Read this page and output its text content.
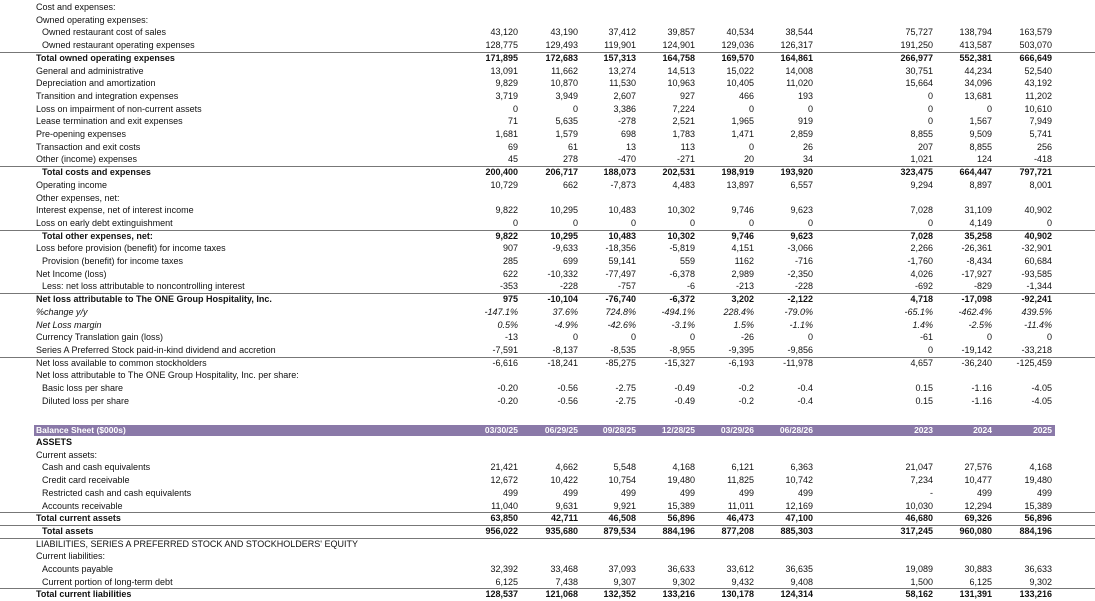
Cost and expenses:
Owned operating expenses:
Owned restaurant cost of sales	43,120	43,190	37,412	39,857	40,534	38,544	75,727	138,794	163,579
Owned restaurant operating expenses	128,775	129,493	119,901	124,901	129,036	126,317	191,250	413,587	503,070
Total owned operating expenses	171,895	172,683	157,313	164,758	169,570	164,861	266,977	552,381	666,649
General and administrative	13,091	11,662	13,274	14,513	15,022	14,008	30,751	44,234	52,540
Depreciation and amortization	9,829	10,870	11,530	10,963	10,405	11,020	15,664	34,096	43,192
Transition and integration expenses	3,719	3,949	2,607	927	466	193	0	13,681	11,202
Loss on impairment of non-current assets	0	0	3,386	7,224	0	0	0	0	10,610
Lease termination and exit expenses	71	5,635	-278	2,521	1,965	919	0	1,567	7,949
Pre-opening expenses	1,681	1,579	698	1,783	1,471	2,859	8,855	9,509	5,741
Transaction and exit costs	69	61	13	113	0	26	207	8,855	256
Other (income) expenses	45	278	-470	-271	20	34	1,021	124	-418
Total costs and expenses	200,400	206,717	188,073	202,531	198,919	193,920	323,475	664,447	797,721
Operating income	10,729	662	-7,873	4,483	13,897	6,557	9,294	8,897	8,001
Other expenses, net:
Interest expense, net of interest income	9,822	10,295	10,483	10,302	9,746	9,623	7,028	31,109	40,902
Loss on early debt extinguishment	0	0	0	0	0	0	0	4,149	0
Total other expenses, net:	9,822	10,295	10,483	10,302	9,746	9,623	7,028	35,258	40,902
Loss before provision (benefit) for income taxes	907	-9,633	-18,356	-5,819	4,151	-3,066	2,266	-26,361	-32,901
Provision (benefit) for income taxes	285	699	59,141	559	1162	-716	-1,760	-8,434	60,684
Net Income (loss)	622	-10,332	-77,497	-6,378	2,989	-2,350	4,026	-17,927	-93,585
Less: net loss attributable to noncontrolling interest	-353	-228	-757	-6	-213	-228	-692	-829	-1,344
Net loss attributable to The ONE Group Hospitality, Inc.	975	-10,104	-76,740	-6,372	3,202	-2,122	4,718	-17,098	-92,241
%change y/y	-147.1%	37.6%	724.8%	-494.1%	228.4%	-79.0%	-65.1%	-462.4%	439.5%
Net Loss margin	0.5%	-4.9%	-42.6%	-3.1%	1.5%	-1.1%	1.4%	-2.5%	-11.4%
Currency Translation gain (loss)	-13	0	0	0	-26	0	-61	0	0
Series A Preferred Stock paid-in-kind dividend and accretion	-7,591	-8,137	-8,535	-8,955	-9,395	-9,856	0	-19,142	-33,218
Net loss available to common stockholders	-6,616	-18,241	-85,275	-15,327	-6,193	-11,978	4,657	-36,240	-125,459
Net loss attributable to The ONE Group Hospitality, Inc. per share:
Basic loss per share	-0.20	-0.56	-2.75	-0.49	-0.2	-0.4	0.15	-1.16	-4.05
Diluted loss per share	-0.20	-0.56	-2.75	-0.49	-0.2	-0.4	0.15	-1.16	-4.05
Balance Sheet ($000s)	03/30/25	06/29/25	09/28/25	12/28/25	03/29/26	06/28/26	2023	2024	2025
ASSETS
Current assets:
Cash and cash equivalents	21,421	4,662	5,548	4,168	6,121	6,363	21,047	27,576	4,168
Credit card receivable	12,672	10,422	10,754	19,480	11,825	10,742	7,234	10,477	19,480
Restricted cash and cash equivalents	499	499	499	499	499	499	-	499	499
Accounts receivable	11,040	9,631	9,921	15,389	11,011	12,169	10,030	12,294	15,389
Total current assets	63,850	42,711	46,508	56,896	46,473	47,100	46,680	69,326	56,896
Total assets	956,022	935,680	879,534	884,196	877,208	885,303	317,245	960,080	884,196
LIABILITIES, SERIES A PREFERRED STOCK AND STOCKHOLDERS' EQUITY
Current liabilities:
Accounts payable	32,392	33,468	37,093	36,633	33,612	36,635	19,089	30,883	36,633
Current portion of long-term debt	6,125	7,438	9,307	9,302	9,432	9,408	1,500	6,125	9,302
Total current liabilities	128,537	121,068	132,352	133,216	130,178	124,314	58,162	131,391	133,216
